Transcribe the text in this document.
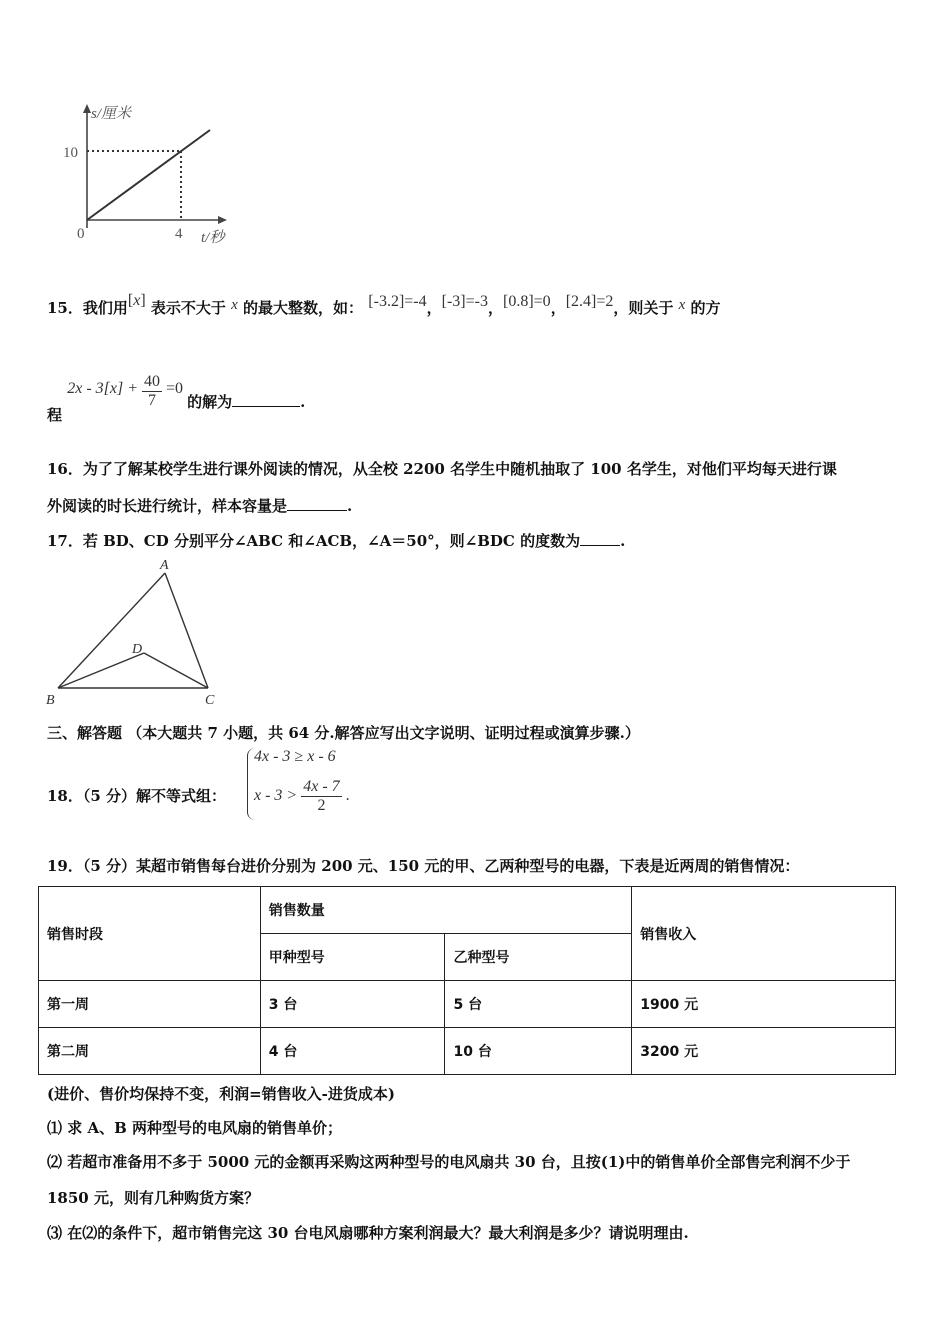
s/厘米
10
0	4 t/秒
15．我们用[x] 表示不大于 x 的最大整数，如： [-3.2]=-4，[-3]=-3，[0.8]=0，[2.4]=2，则关于 x 的方
程 $2x - 3[x] + \frac{40}{7} =0$ 的解为	.
16．为了了解某校学生进行课外阅读的情况，从全校 2200 名学生中随机抽取了 100 名学生，对他们平均每天进行课
外阅读的时长进行统计，样本容量是	.
17．若 BD、CD 分别平分∠ABC 和∠ACB，∠A＝50°，则∠BDC 的度数为	.
A
B	C
D
三、解答题 （本大题共 7 小题，共 64 分.解答应写出文字说明、证明过程或演算步骤.）
18．（5 分）解不等式组：
4x - 3 ≥ x - 6
$x - 3 > \frac{4x - 7}{2}$ .
19．（5 分）某超市销售每台进价分别为 200 元、150 元的甲、乙两种型号的电器，下表是近两周的销售情况：
销售时段	销售数量		销售收入
	甲种型号	乙种型号	
第一周	3 台	5 台	1900 元
第二周	4 台	10 台	3200 元
(进价、售价均保持不变，利润=销售收入-进货成本)
⑴ 求 A、B 两种型号的电风扇的销售单价；
⑵ 若超市准备用不多于 5000 元的金额再采购这两种型号的电风扇共 30 台，且按(1)中的销售单价全部售完利润不少于
1850 元，则有几种购货方案？
⑶ 在⑵的条件下，超市销售完这 30 台电风扇哪种方案利润最大？最大利润是多少？请说明理由.
